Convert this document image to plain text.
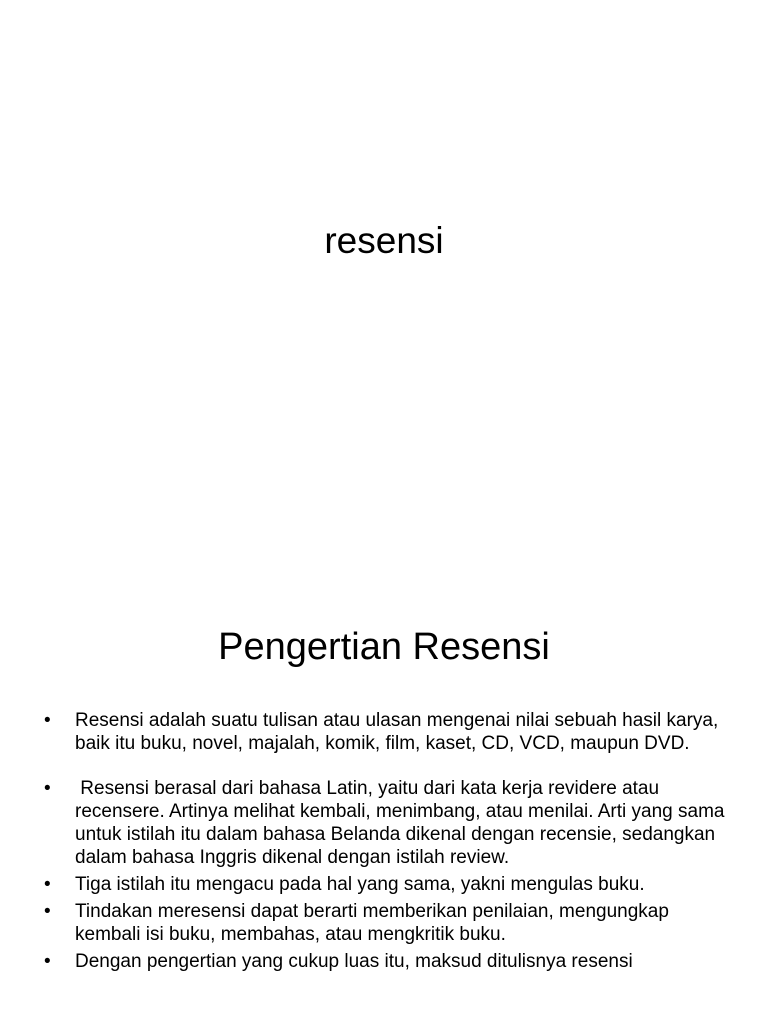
resensi
Pengertian Resensi
• Resensi adalah suatu tulisan atau ulasan mengenai nilai sebuah hasil karya, baik itu buku, novel, majalah, komik, film, kaset, CD, VCD, maupun DVD.
• Resensi berasal dari bahasa Latin, yaitu dari kata kerja revidere atau recensere. Artinya melihat kembali, menimbang, atau menilai. Arti yang sama untuk istilah itu dalam bahasa Belanda dikenal dengan recensie, sedangkan dalam bahasa Inggris dikenal dengan istilah review.
• Tiga istilah itu mengacu pada hal yang sama, yakni mengulas buku.
• Tindakan meresensi dapat berarti memberikan penilaian, mengungkap kembali isi buku, membahas, atau mengkritik buku.
• Dengan pengertian yang cukup luas itu, maksud ditulisnya resensi
